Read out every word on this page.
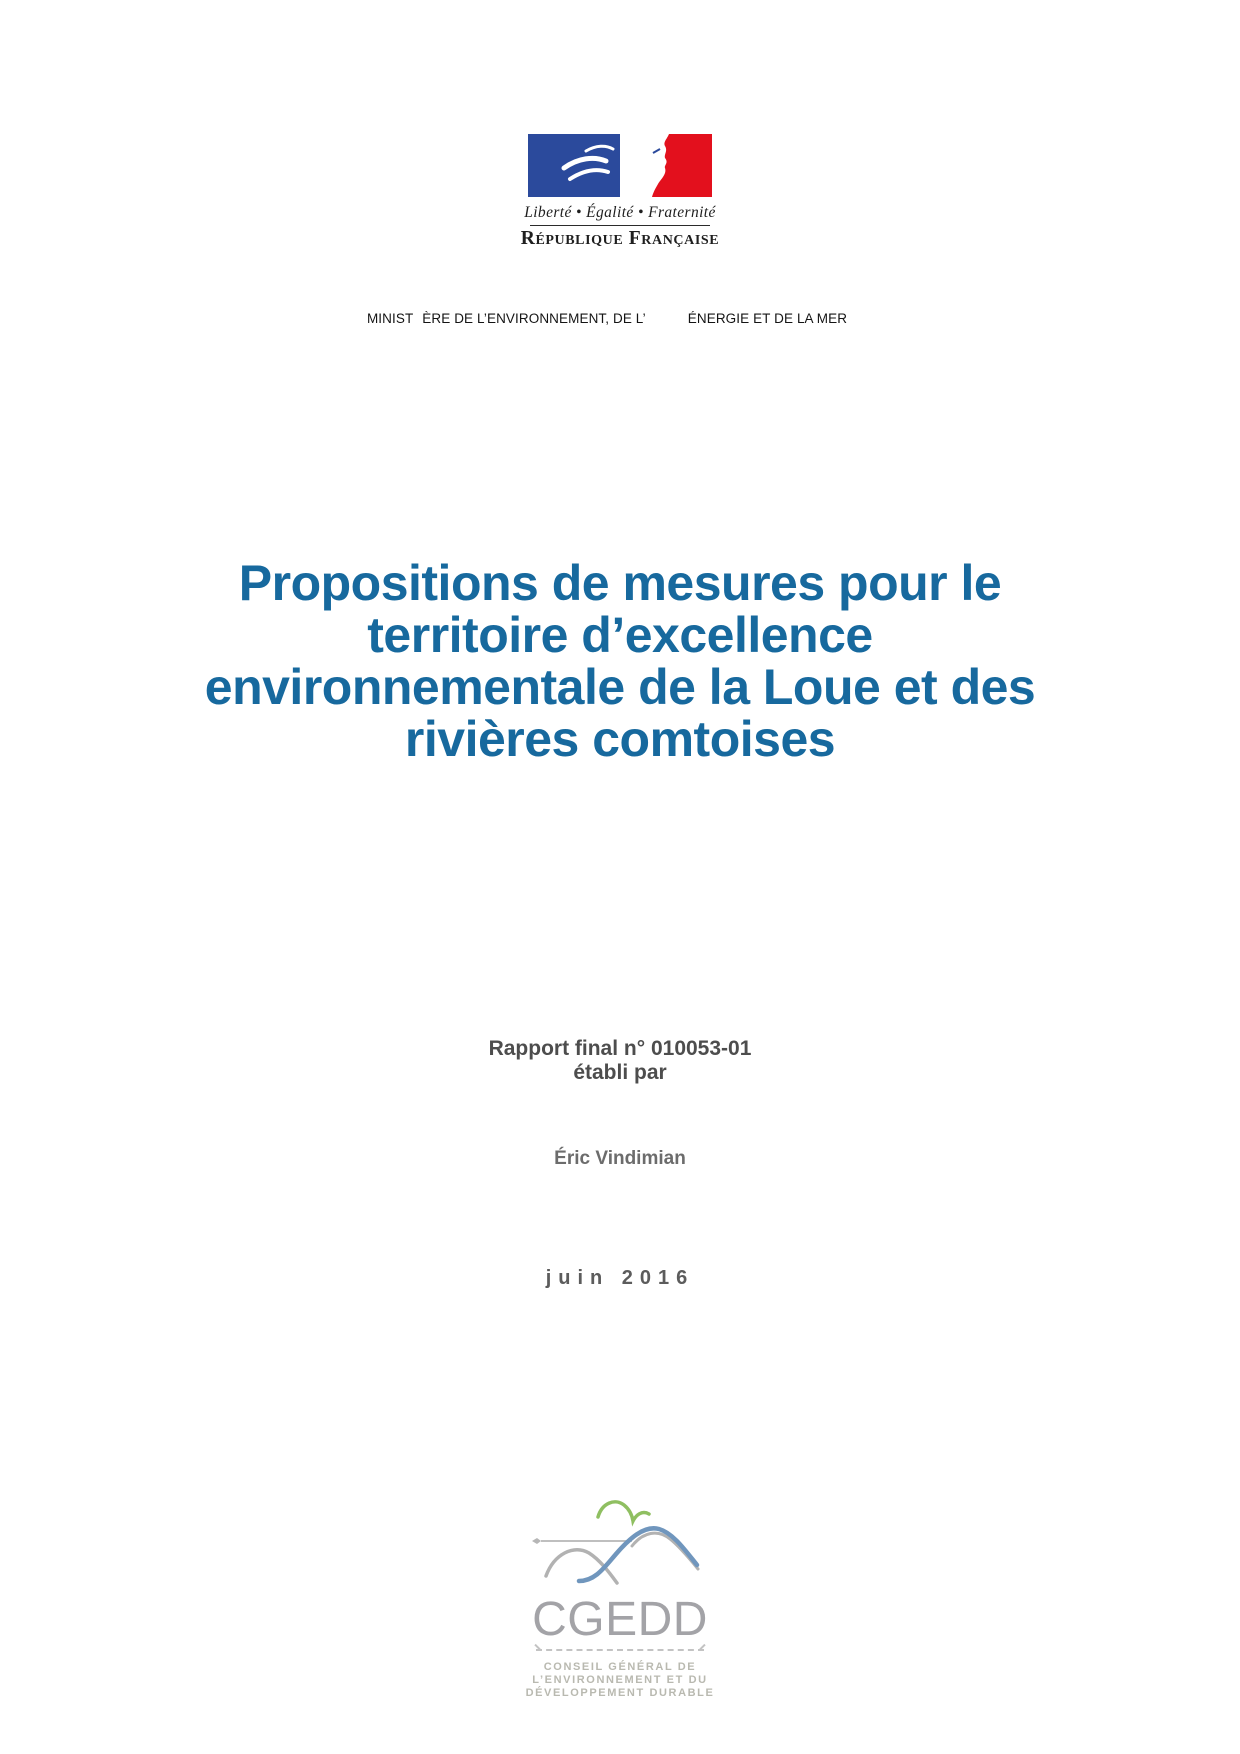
Liberté • Égalité • Fraternité
République Française
MINIST ÈRE DE L’ENVIRONNEMENT, DE L’	ÉNERGIE ET DE LA MER
Propositions de mesures pour le
territoire d’excellence
environnementale de la Loue et des
rivières comtoises
Rapport final n° 010053-01
établi par
Éric Vindimian
juin 2016
CGEDD
CONSEIL GÉNÉRAL DE
L’ENVIRONNEMENT ET DU
DÉVELOPPEMENT DURABLE
